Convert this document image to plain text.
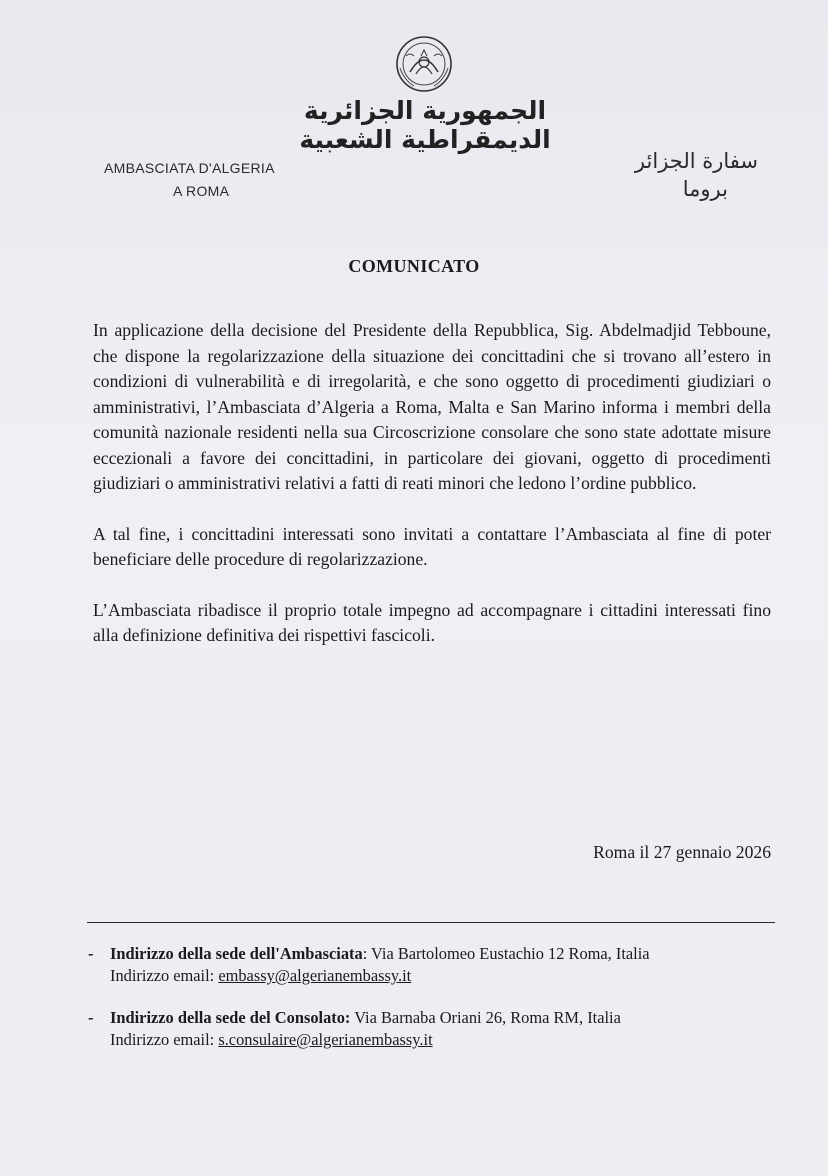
الجمهورية الجزائرية الديمقراطية الشعبية
AMBASCIATA D'ALGERIA
A ROMA
سفارة الجزائر
بروما
COMUNICATO

In applicazione della decisione del Presidente della Repubblica, Sig. Abdelmadjid Tebboune, che dispone la regolarizzazione della situazione dei concittadini che si trovano all’estero in condizioni di vulnerabilità e di irregolarità, e che sono oggetto di procedimenti giudiziari o amministrativi, l’Ambasciata d’Algeria a Roma, Malta e San Marino informa i membri della comunità nazionale residenti nella sua Circoscrizione consolare che sono state adottate misure eccezionali a favore dei concittadini, in particolare dei giovani, oggetto di procedimenti giudiziari o amministrativi relativi a fatti di reati minori che ledono l’ordine pubblico.

A tal fine, i concittadini interessati sono invitati a contattare l’Ambasciata al fine di poter beneficiare delle procedure di regolarizzazione.

L’Ambasciata ribadisce il proprio totale impegno ad accompagnare i cittadini interessati fino alla definizione definitiva dei rispettivi fascicoli.

Roma il 27 gennaio 2026
- Indirizzo della sede dell'Ambasciata: Via Bartolomeo Eustachio 12 Roma, Italia
Indirizzo email: embassy@algerianembassy.it
- Indirizzo della sede del Consolato: Via Barnaba Oriani 26, Roma RM, Italia
Indirizzo email: s.consulaire@algerianembassy.it
